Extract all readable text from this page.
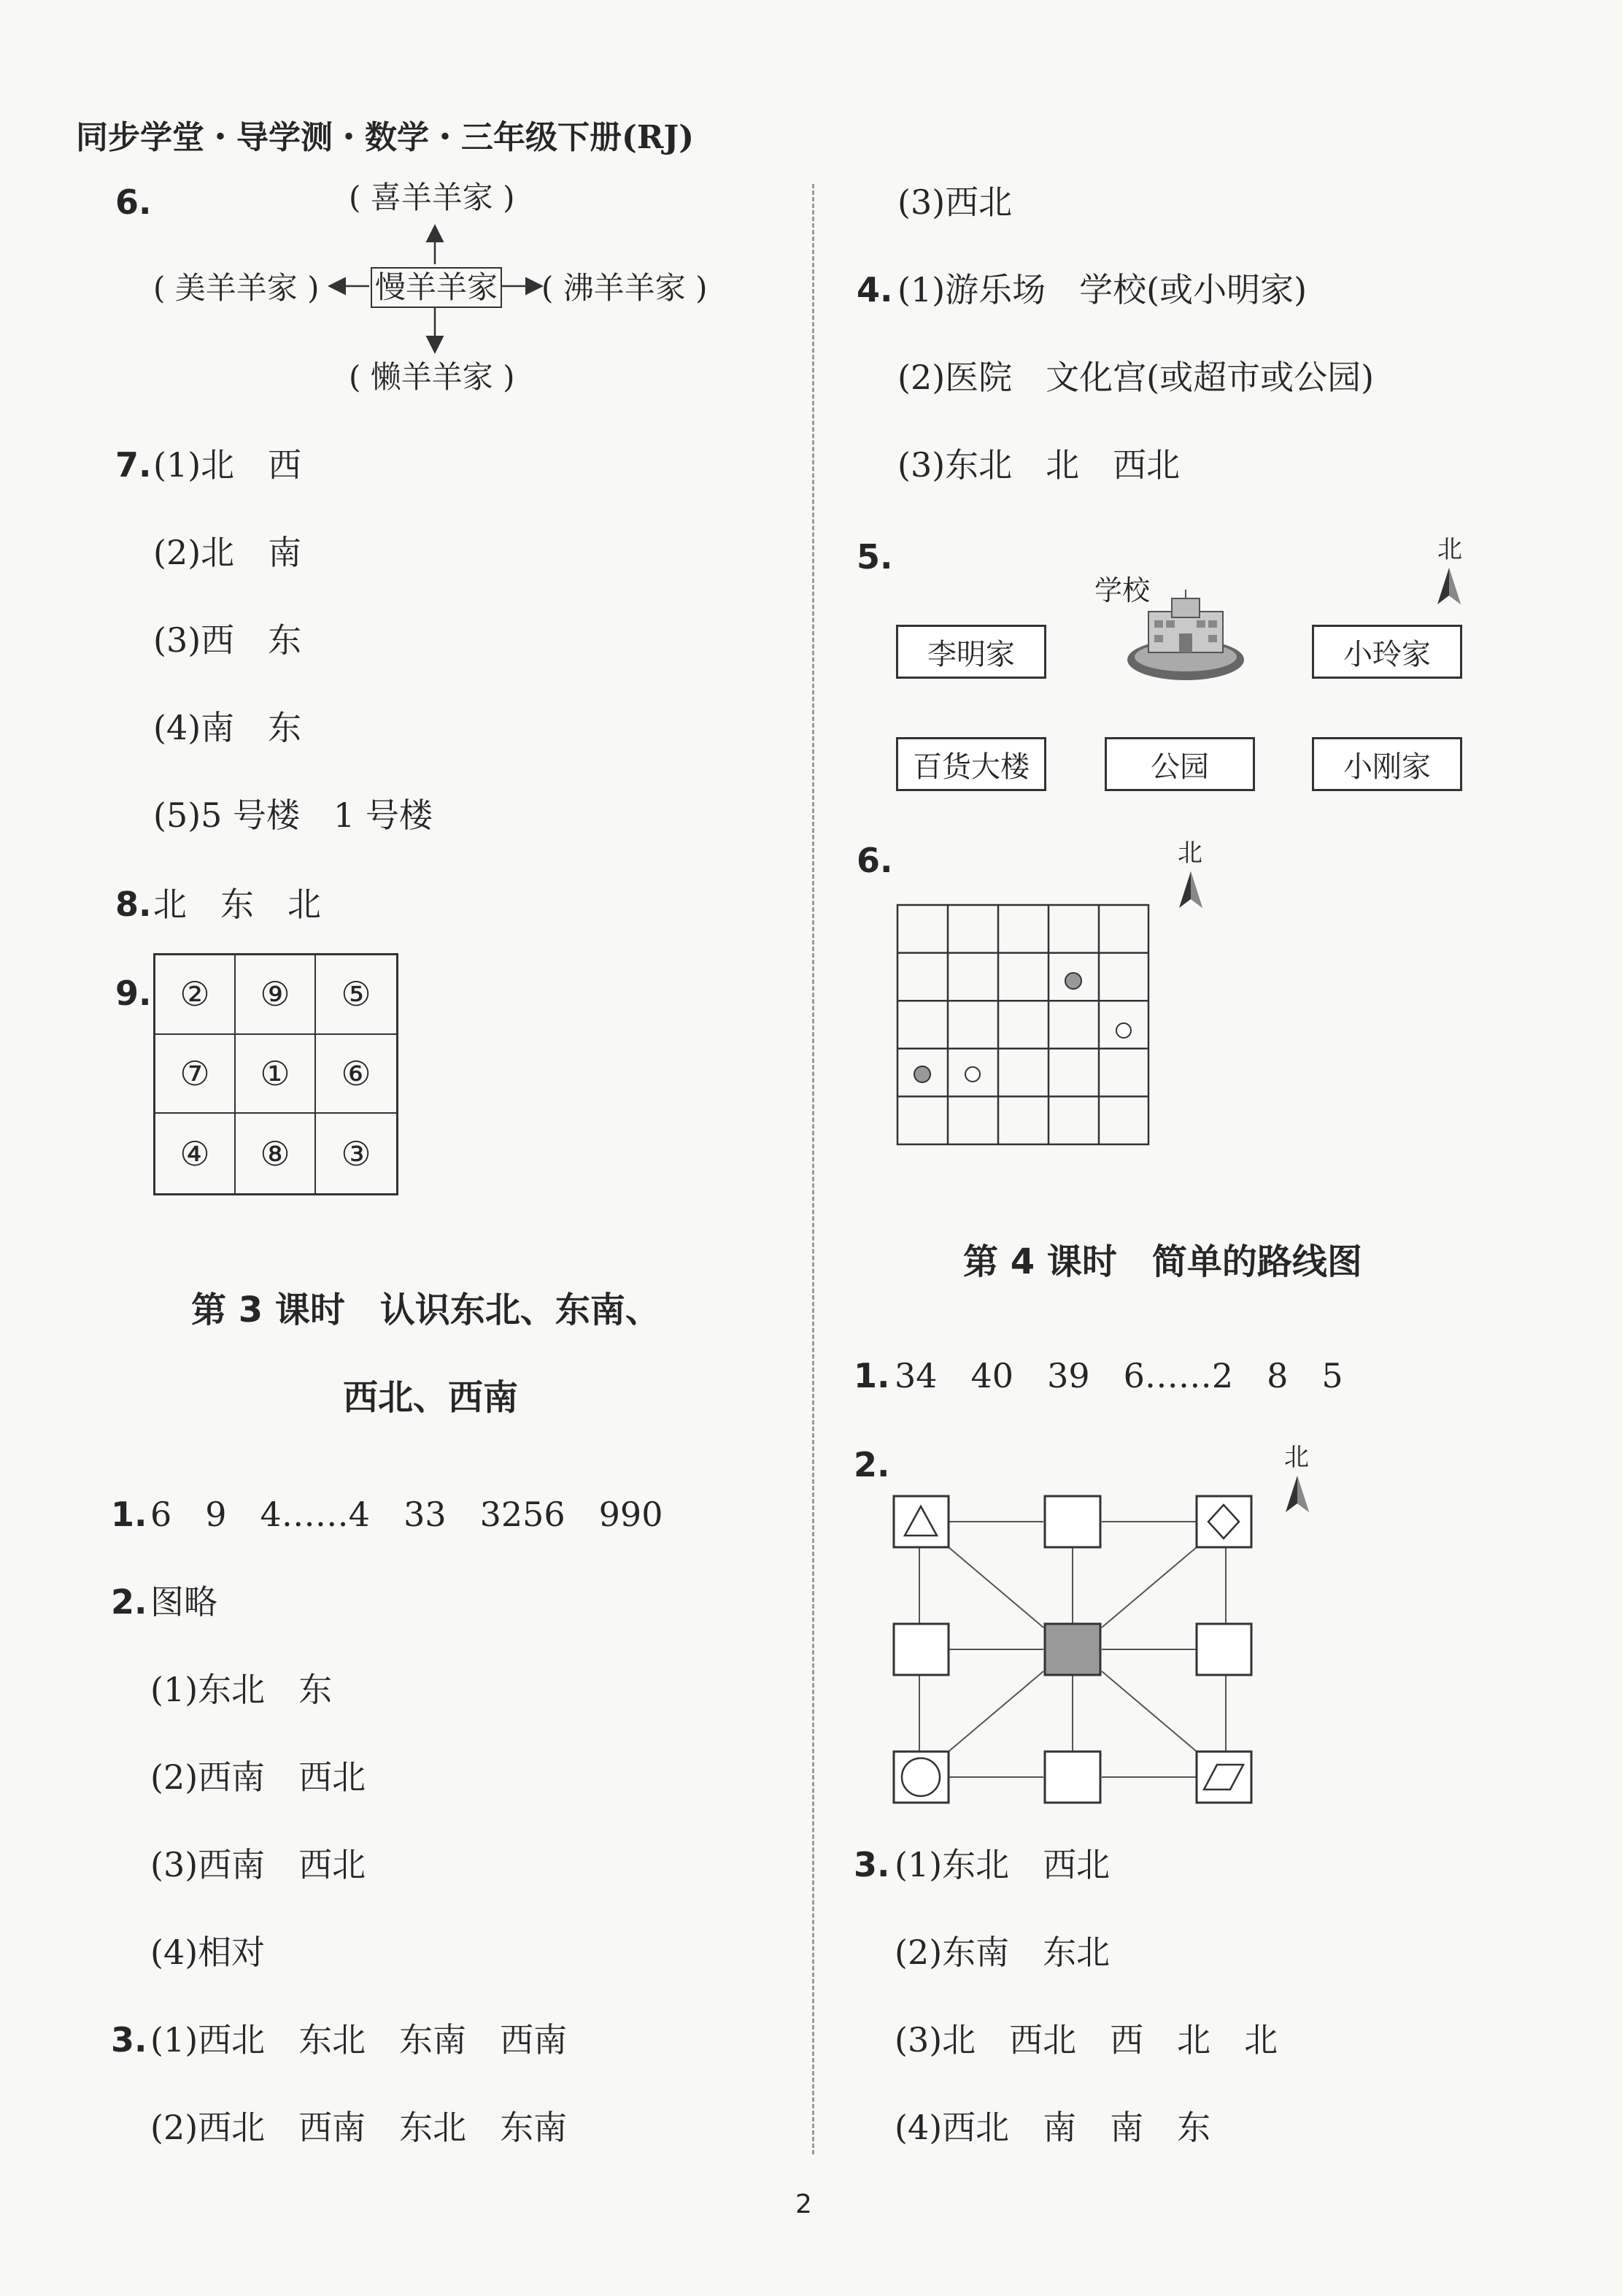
同步学堂・导学测・数学・三年级下册(RJ)
6.	( 喜羊羊家 )
( 美羊羊家 ) 慢羊羊家 ( 沸羊羊家 )
( 懒羊羊家 )
7. (1)北　西
(2)北　南
(3)西　东
(4)南　东
(5)5 号楼　1 号楼
8. 北　东　北
9. ②	⑨	⑤
⑦	①	⑥
④	⑧	③
第 3 课时　认识东北、东南、
西北、西南
1. 6　9　4……4　33　3256　990
2. 图略
(1)东北　东
(2)西南　西北
(3)西南　西北
(4)相对
3. (1)西北　东北　东南　西南
(2)西北　西南　东北　东南
(3)西北
4. (1)游乐场　学校(或小明家)
(2)医院　文化宫(或超市或公园)
(3)东北　北　西北
5.	北
学校
李明家	小玲家
百货大楼	公园	小刚家
6.	北
第 4 课时　简单的路线图
1. 34　40　39　6……2　8　5
2.	北
3. (1)东北　西北
(2)东南　东北
(3)北　西北　西　北　北
(4)西北　南　南　东
2
